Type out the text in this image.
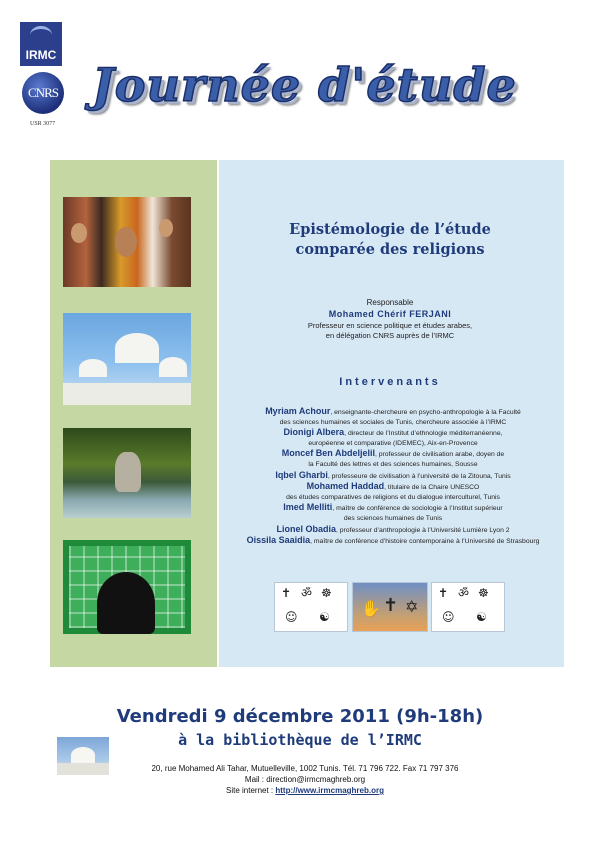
IRMC
CNRS
USR 3077
Journée d'étude
Epistémologie de l’étude
comparée des religions
Responsable
Mohamed Chérif FERJANI
Professeur en science politique et études arabes,
en délégation CNRS auprès de l’IRMC
Intervenants
Myriam Achour, enseignante-chercheure en psycho-anthropologie à la Faculté
des sciences humaines et sociales de Tunis, chercheure associée à l’IRMC
Dionigi Albera, directeur de l’Institut d’ethnologie méditerranéenne,
européenne et comparative (IDEMEC), Aix-en-Provence
Moncef Ben Abdeljelil, professeur de civilisation arabe, doyen de
la Faculté des lettres et des sciences humaines, Sousse
Iqbel Gharbi, professeure de civilisation à l’université de la Zitouna, Tunis
Mohamed Haddad, titulaire de la Chaire UNESCO
des études comparatives de religions et du dialogue interculturel, Tunis
Imed Melliti, maître de conférence de sociologie à l’Institut supérieur
des sciences humaines de Tunis
Lionel Obadia, professeur d’anthropologie à l’Université Lumière Lyon 2
Oissila Saaidia, maître de conférence d’histoire contemporaine à l’Université de Strasbourg
✝ ॐ ☸
☺ ☯ ✋ ✝ ✡
✝ ॐ ☸
☺ ☯
Vendredi 9 décembre 2011 (9h-18h)
à la bibliothèque de l’IRMC
20, rue Mohamed Ali Tahar, Mutuelleville, 1002 Tunis. Tél. 71 796 722. Fax 71 797 376
Mail : direction@irmcmaghreb.org
Site internet : http://www.irmcmaghreb.org
